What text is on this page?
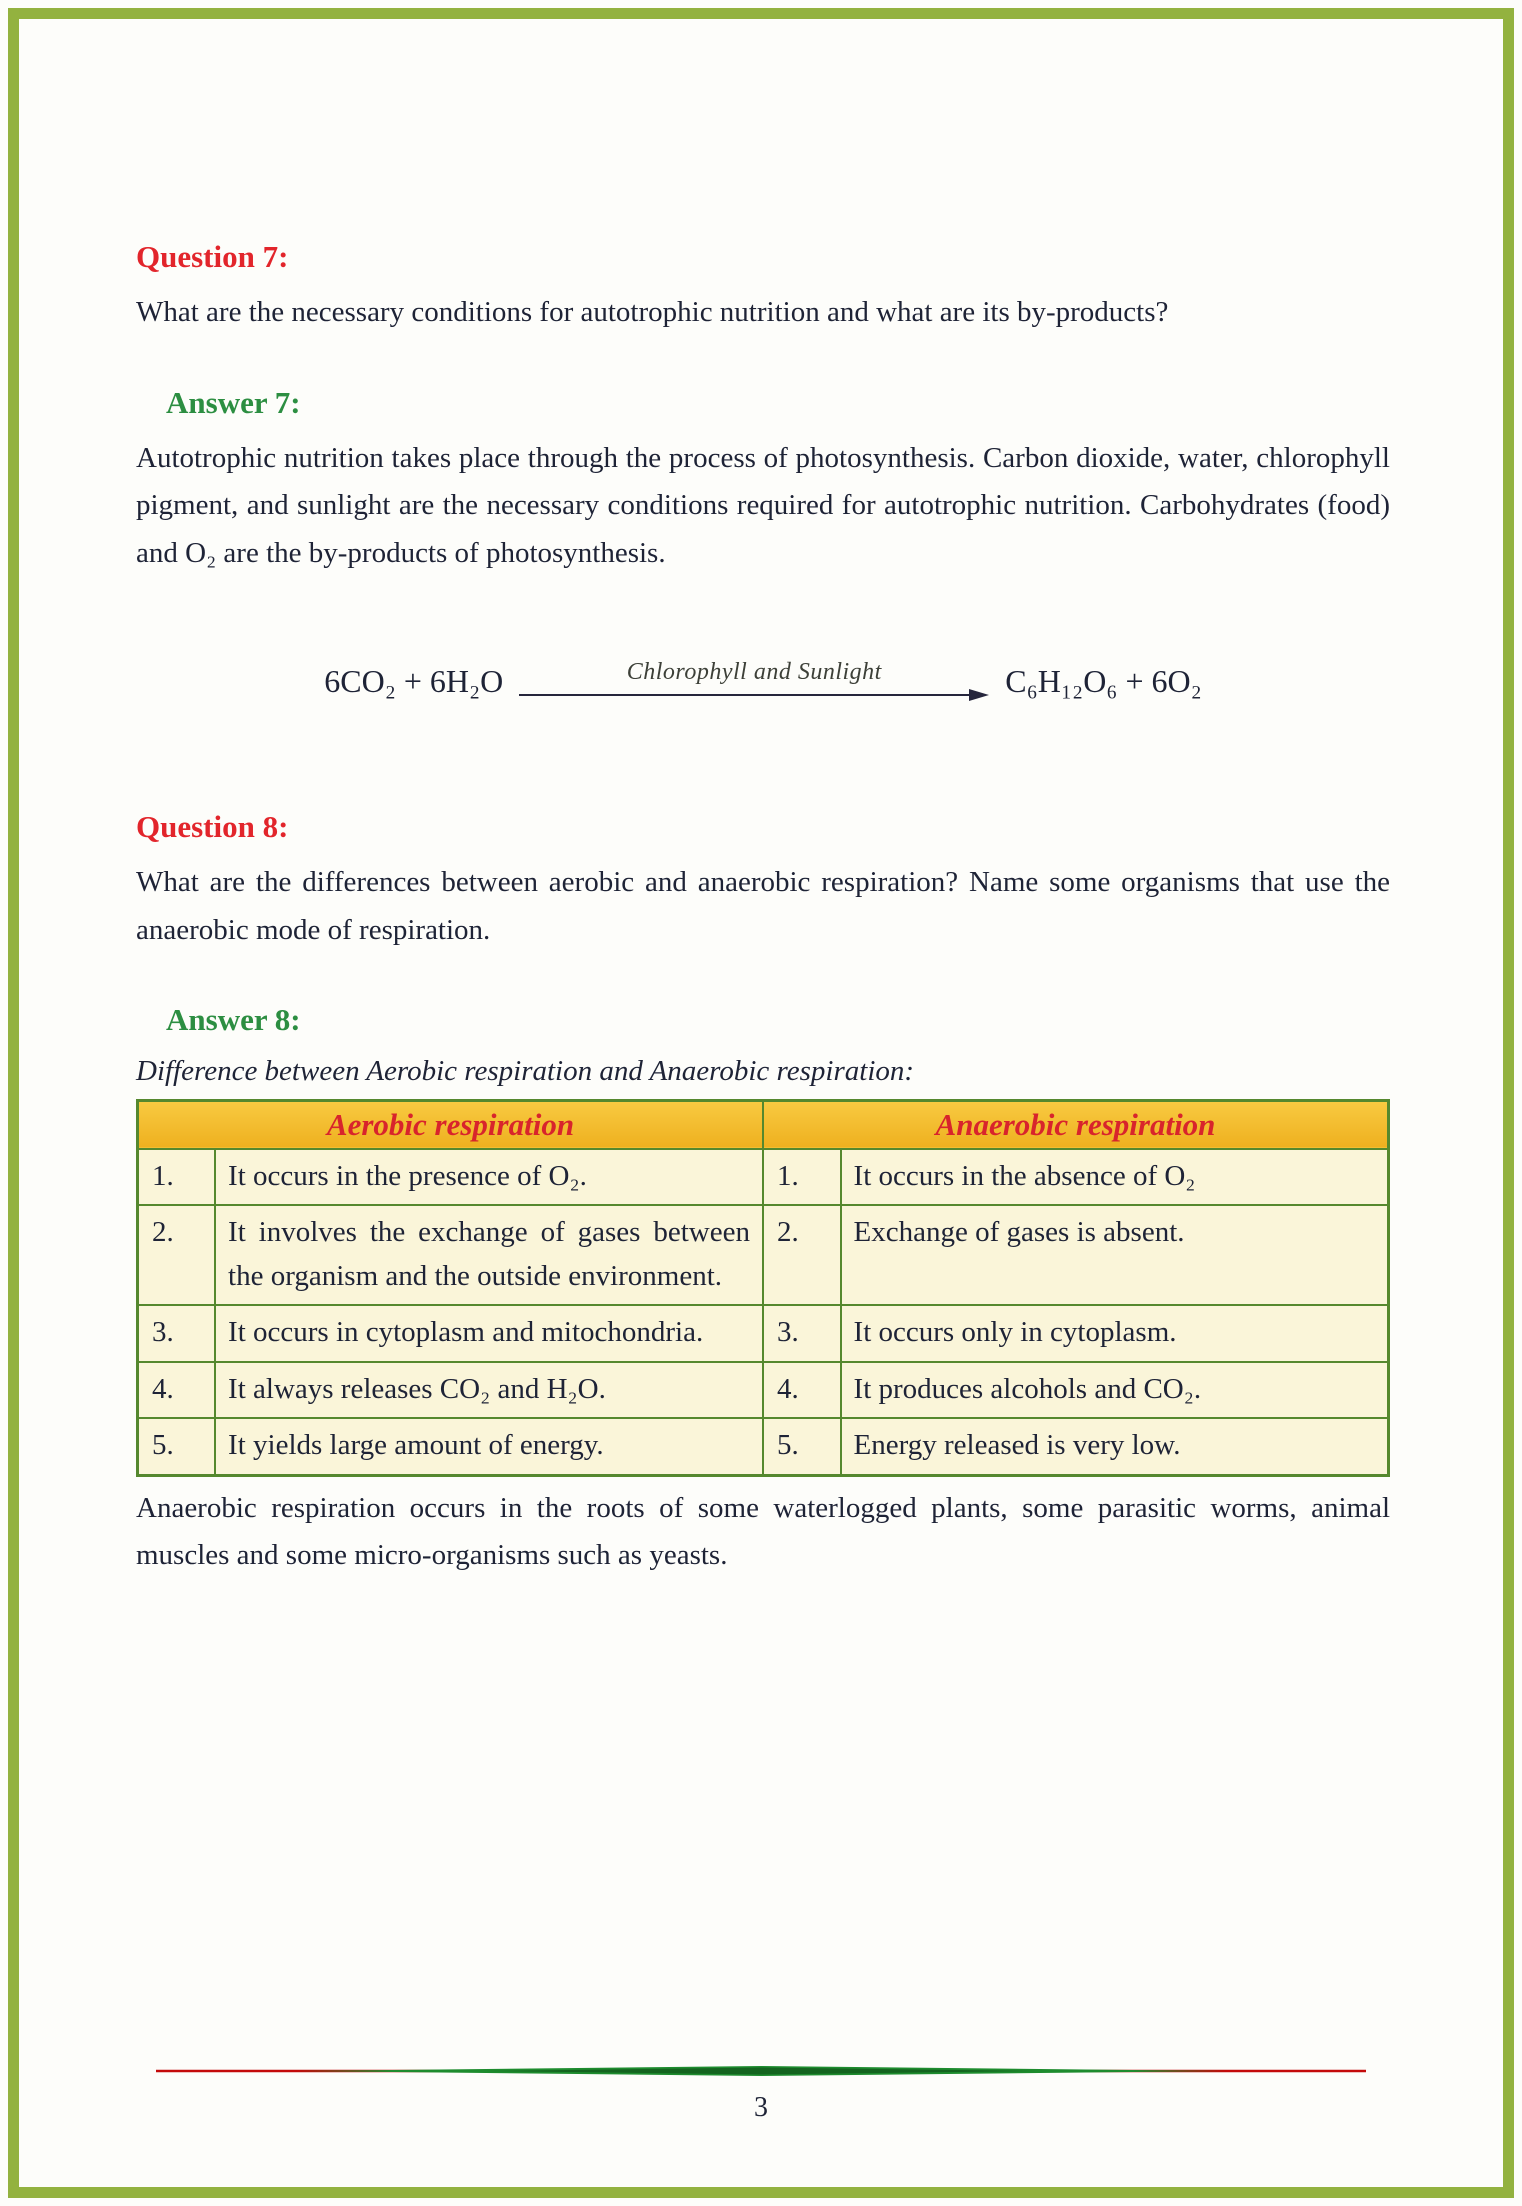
Question 7:

What are the necessary conditions for autotrophic nutrition and what are its by-products?

Answer 7:

Autotrophic nutrition takes place through the process of photosynthesis. Carbon dioxide, water, chlorophyll pigment, and sunlight are the necessary conditions required for autotrophic nutrition. Carbohydrates (food) and O₂ are the by-products of photosynthesis.

6CO₂ + 6H₂O	Chlorophyll and Sunlight	C₆H₁₂O₆ + 6O₂
Question 8:

What are the differences between aerobic and anaerobic respiration? Name some organisms that use the anaerobic mode of respiration.

Answer 8:

Difference between Aerobic respiration and Anaerobic respiration:

Aerobic respiration		Anaerobic respiration	
1.	It occurs in the presence of O₂.	1.	It occurs in the absence of O₂
2.	It involves the exchange of gases between the organism and the outside environment.	2.	Exchange of gases is absent.
3.	It occurs in cytoplasm and mitochondria.	3.	It occurs only in cytoplasm.
4.	It always releases CO₂ and H₂O.	4.	It produces alcohols and CO₂.
5.	It yields large amount of energy.	5.	Energy released is very low.

Anaerobic respiration occurs in the roots of some waterlogged plants, some parasitic worms, animal muscles and some micro-organisms such as yeasts.

3
